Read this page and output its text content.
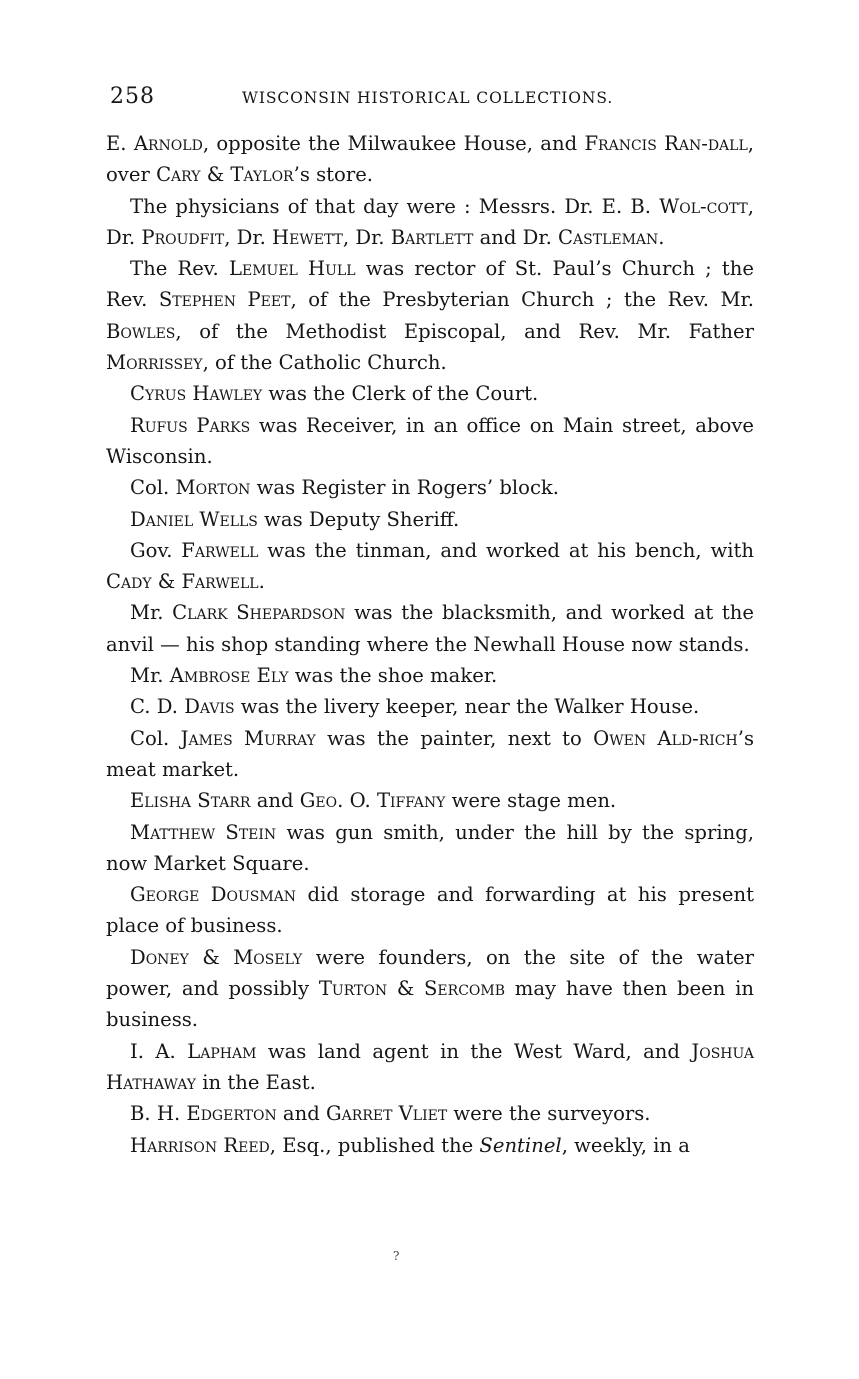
258	WISCONSIN HISTORICAL COLLECTIONS.

E. Arnold, opposite the Milwaukee House, and Francis Ran-dall, over Cary & Taylor’s store.

The physicians of that day were : Messrs. Dr. E. B. Wol-cott, Dr. Proudfit, Dr. Hewett, Dr. Bartlett and Dr. Castleman.

The Rev. Lemuel Hull was rector of St. Paul’s Church ; the Rev. Stephen Peet, of the Presbyterian Church ; the Rev. Mr. Bowles, of the Methodist Episcopal, and Rev. Mr. Father Morrissey, of the Catholic Church.

Cyrus Hawley was the Clerk of the Court.

Rufus Parks was Receiver, in an office on Main street, above Wisconsin.

Col. Morton was Register in Rogers’ block.

Daniel Wells was Deputy Sheriff.

Gov. Farwell was the tinman, and worked at his bench, with Cady & Farwell.

Mr. Clark Shepardson was the blacksmith, and worked at the anvil — his shop standing where the Newhall House now stands.

Mr. Ambrose Ely was the shoe maker.

C. D. Davis was the livery keeper, near the Walker House.

Col. James Murray was the painter, next to Owen Ald-rich’s meat market.

Elisha Starr and Geo. O. Tiffany were stage men.

Matthew Stein was gun smith, under the hill by the spring, now Market Square.

George Dousman did storage and forwarding at his present place of business.

Doney & Mosely were founders, on the site of the water power, and possibly Turton & Sercomb may have then been in business.

I. A. Lapham was land agent in the West Ward, and Joshua Hathaway in the East.

B. H. Edgerton and Garret Vliet were the surveyors.

Harrison Reed, Esq., published the Sentinel, weekly, in a

?
